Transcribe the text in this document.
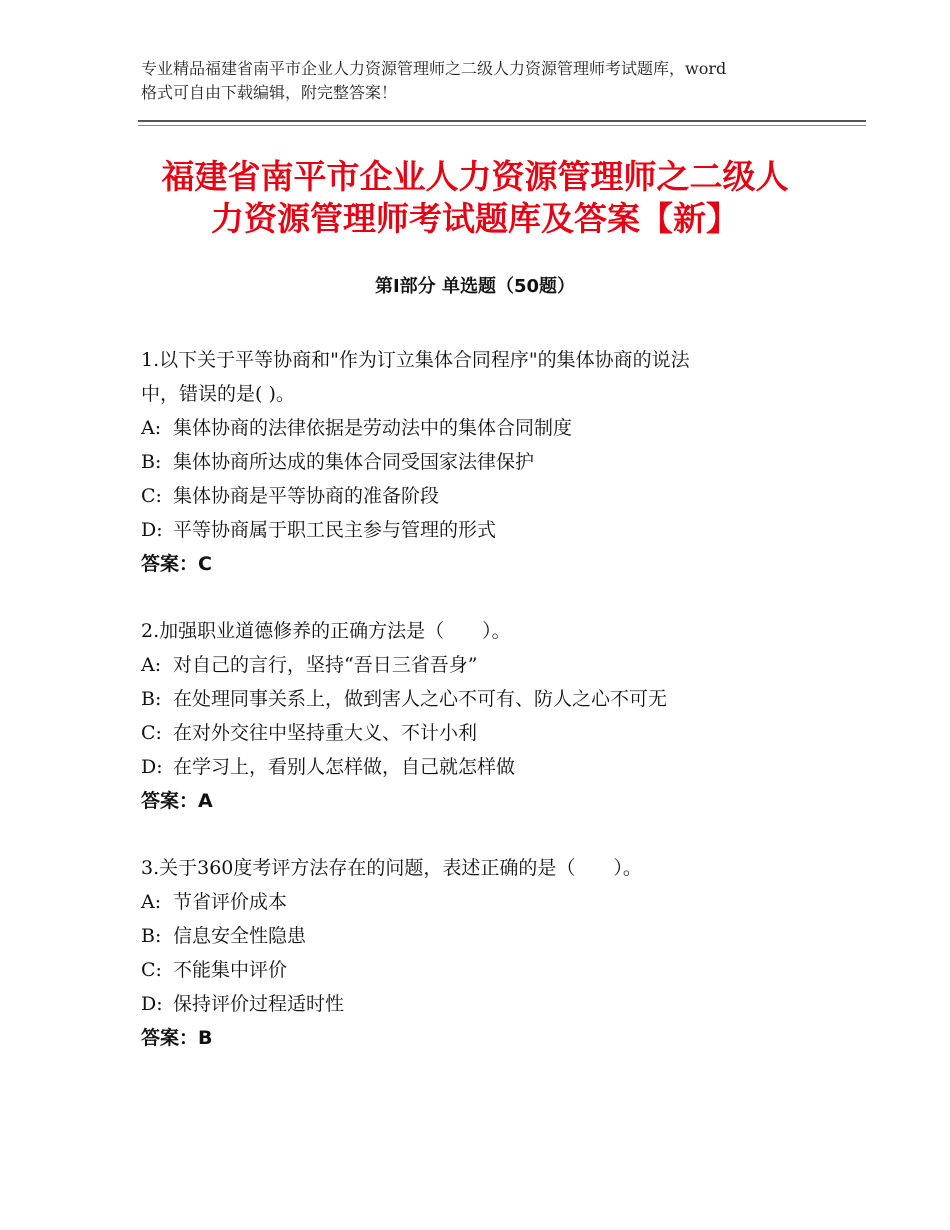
专业精品福建省南平市企业人力资源管理师之二级人力资源管理师考试题库，word
格式可自由下载编辑，附完整答案！
福建省南平市企业人力资源管理师之二级人
力资源管理师考试题库及答案【新】
第Ⅰ部分 单选题（50题）
1.以下关于平等协商和"作为订立集体合同程序"的集体协商的说法
中，错误的是( )。
A: 集体协商的法律依据是劳动法中的集体合同制度
B: 集体协商所达成的集体合同受国家法律保护
C: 集体协商是平等协商的准备阶段
D: 平等协商属于职工民主参与管理的形式
答案：C
2.加强职业道德修养的正确方法是（　　）。
A: 对自己的言行，坚持“吾日三省吾身”
B: 在处理同事关系上，做到害人之心不可有、防人之心不可无
C: 在对外交往中坚持重大义、不计小利
D: 在学习上，看别人怎样做，自己就怎样做
答案：A
3.关于360度考评方法存在的问题，表述正确的是（　　）。
A: 节省评价成本
B: 信息安全性隐患
C: 不能集中评价
D: 保持评价过程适时性
答案：B
